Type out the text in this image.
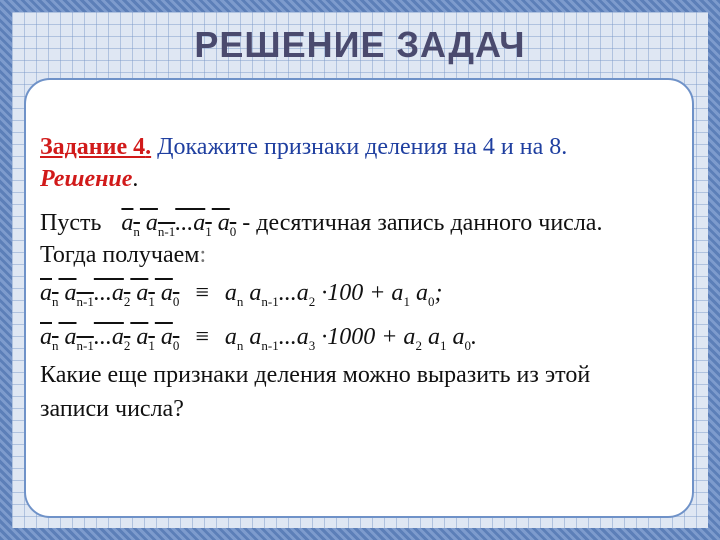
РЕШЕНИЕ ЗАДАЧ
Задание 4. Докажите признаки деления на 4 и на 8.
Решение.
Пусть $a_n$ $a_{n-1}...a_1$ $a_0$ - десятичная запись данного числа.
Тогда получаем:
$a_n$ $a_{n-1}...a_2$ $a_1$ $a_0 \equiv a_n$ $a_{n-1}...a_2 \cdot 100 + a_1$ $a_0$;
$a_n$ $a_{n-1}...a_2$ $a_1$ $a_0 \equiv a_n$ $a_{n-1}...a_3 \cdot 1000 + a_2$ $a_1$ $a_0$.
Какие еще признаки деления можно выразить из этой
записи числа?
